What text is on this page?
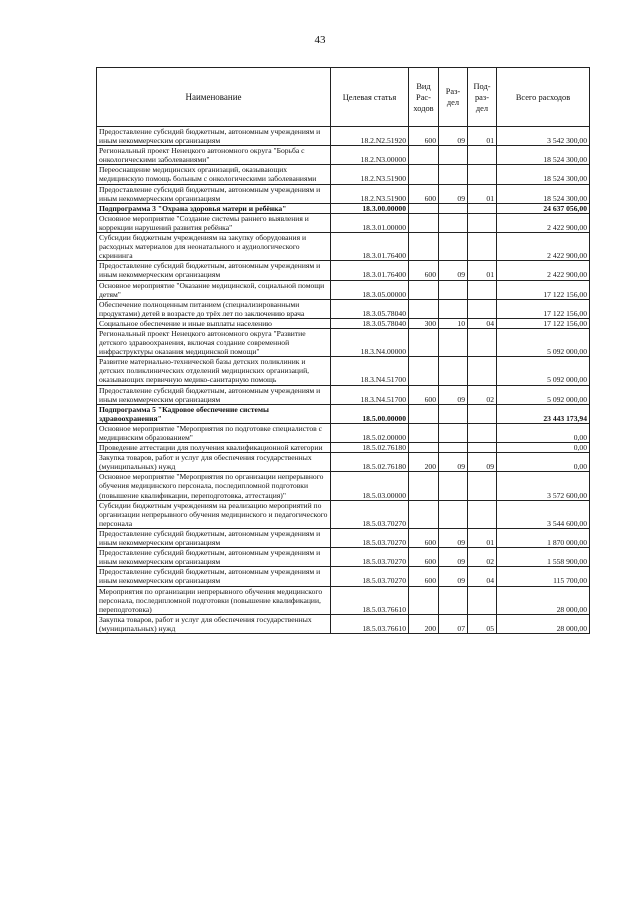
43
Наименование	Целевая статья	Вид Рас-ходов	Раз-дел	Под-раз-дел	Всего расходов
Предоставление субсидий бюджетным, автономным учреждениям и иным некоммерческим организациям	18.2.N2.51920	600	09	01	3 542 300,00
Региональный проект Ненецкого автономного округа "Борьба с онкологическими заболеваниями"	18.2.N3.00000				18 524 300,00
Переоснащение медицинских организаций, оказывающих медицинскую помощь больным с онкологическими заболеваниями	18.2.N3.51900				18 524 300,00
Предоставление субсидий бюджетным, автономным учреждениям и иным некоммерческим организациям	18.2.N3.51900	600	09	01	18 524 300,00
Подпрограмма 3 "Охрана здоровья матери и ребёнка"	18.3.00.00000				24 637 056,00
Основное мероприятие "Создание системы раннего выявления и коррекции нарушений развития ребёнка"	18.3.01.00000				2 422 900,00
Субсидии бюджетным учреждениям на закупку оборудования и расходных материалов для неонатального и аудиологического скрининга	18.3.01.76400				2 422 900,00
Предоставление субсидий бюджетным, автономным учреждениям и иным некоммерческим организациям	18.3.01.76400	600	09	01	2 422 900,00
Основное мероприятие "Оказание медицинской, социальной помощи детям"	18.3.05.00000				17 122 156,00
Обеспечение полноценным питанием (специализированными продуктами) детей в возрасте до трёх лет по заключению врача	18.3.05.78040				17 122 156,00
Социальное обеспечение и иные выплаты населению	18.3.05.78040	300	10	04	17 122 156,00
Региональный проект Ненецкого автономного округа "Развитие детского здравоохранения, включая создание современной инфраструктуры оказания медицинской помощи"	18.3.N4.00000				5 092 000,00
Развитие материально-технической базы детских поликлиник и детских поликлинических отделений медицинских организаций, оказывающих первичную медико-санитарную помощь	18.3.N4.51700				5 092 000,00
Предоставление субсидий бюджетным, автономным учреждениям и иным некоммерческим организациям	18.3.N4.51700	600	09	02	5 092 000,00
Подпрограмма 5 "Кадровое обеспечение системы здравоохранения"	18.5.00.00000				23 443 173,94
Основное мероприятие "Мероприятия по подготовке специалистов с медицинским образованием"	18.5.02.00000				0,00
Проведение аттестации для получения квалификационной категории	18.5.02.76180				0,00
Закупка товаров, работ и услуг для обеспечения государственных (муниципальных) нужд	18.5.02.76180	200	09	09	0,00
Основное мероприятие "Мероприятия по организации непрерывного обучения медицинского персонала, последипломной подготовки (повышение квалификации, переподготовка, аттестация)"	18.5.03.00000				3 572 600,00
Субсидии бюджетным учреждениям на реализацию мероприятий по организации непрерывного обучения медицинского и педагогического персонала	18.5.03.70270				3 544 600,00
Предоставление субсидий бюджетным, автономным учреждениям и иным некоммерческим организациям	18.5.03.70270	600	09	01	1 870 000,00
Предоставление субсидий бюджетным, автономным учреждениям и иным некоммерческим организациям	18.5.03.70270	600	09	02	1 558 900,00
Предоставление субсидий бюджетным, автономным учреждениям и иным некоммерческим организациям	18.5.03.70270	600	09	04	115 700,00
Мероприятия по организации непрерывного обучения медицинского персонала, последипломной подготовки (повышение квалификации, переподготовка)	18.5.03.76610				28 000,00
Закупка товаров, работ и услуг для обеспечения государственных (муниципальных) нужд	18.5.03.76610	200	07	05	28 000,00
